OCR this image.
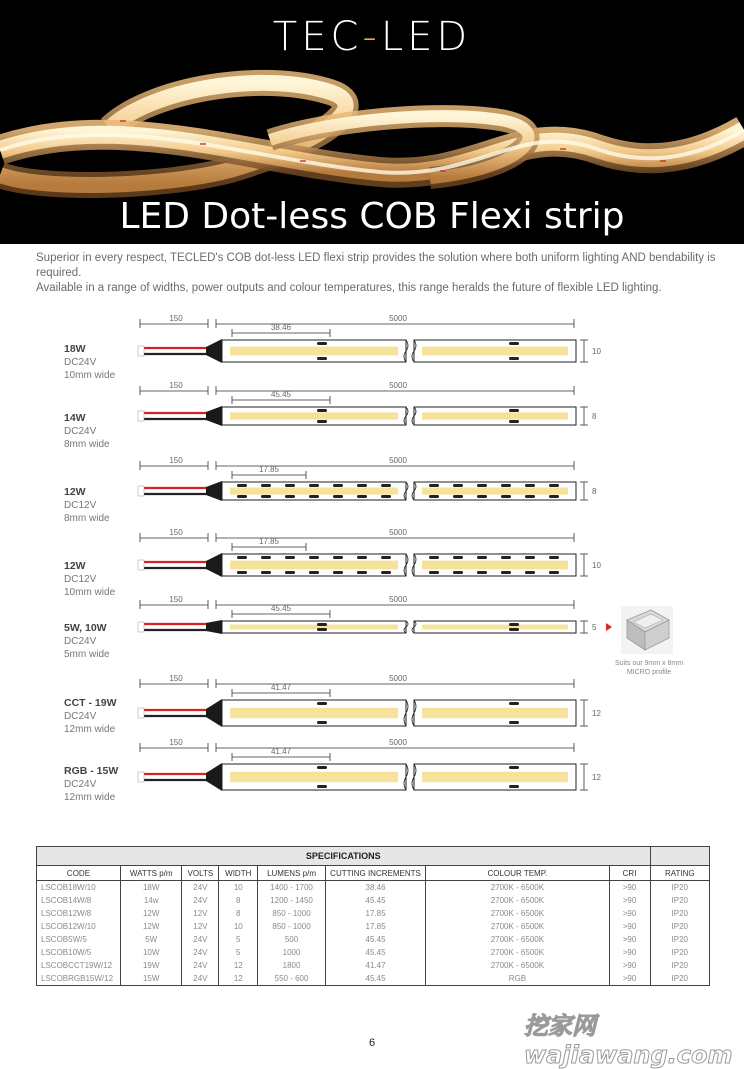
TEC-LED
LED Dot-less COB Flexi strip

Superior in every respect, TECLED's COB dot-less LED flexi strip provides the solution where both uniform lighting AND bendability is required.

Available in a range of widths, power outputs and colour temperatures, this range heralds the future of flexible LED lighting.

18W
DC24V
10mm wide
14W
DC24V
8mm wide
12W
DC12V
8mm wide
12W
DC12V
10mm wide
5W, 10W
DC24V
5mm wide
CCT - 19W
DC24V
12mm wide
RGB - 15W
DC24V
12mm wide
150	5000
38.46
10
150	5000
45.45
8
150	5000
17.85
8
150	5000
17.85
10
150	5000
45.45
5
150	5000
41.47
12
150	5000
41.47
12
Suits our 9mm x 8mm
MICRO profile
SPECIFICATIONS								
CODE	WATTS p/m	VOLTS	WIDTH	LUMENS p/m	CUTTING INCREMENTS	COLOUR TEMP.	CRI	RATING
LSCOB18W/10	18W	24V	10	1400 - 1700	38.46	2700K - 6500K	>90	IP20
LSCOB14W/8	14w	24V	8	1200 - 1450	45.45	2700K - 6500K	>90	IP20
LSCOB12W/8	12W	12V	8	850 - 1000	17.85	2700K - 6500K	>90	IP20
LSCOB12W/10	12W	12V	10	850 - 1000	17.85	2700K - 6500K	>90	IP20
LSCOB5W/5	5W	24V	5	500	45.45	2700K - 6500K	>90	IP20
LSCOB10W/5	10W	24V	5	1000	45.45	2700K - 6500K	>90	IP20
LSCOBCCT19W/12	19W	24V	12	1800	41.47	2700K - 6500K	>90	IP20
LSCOBRGB15W/12	15W	24V	12	550 - 600	45.45	RGB	>90	IP20
挖家网 wajiawang.com
6
